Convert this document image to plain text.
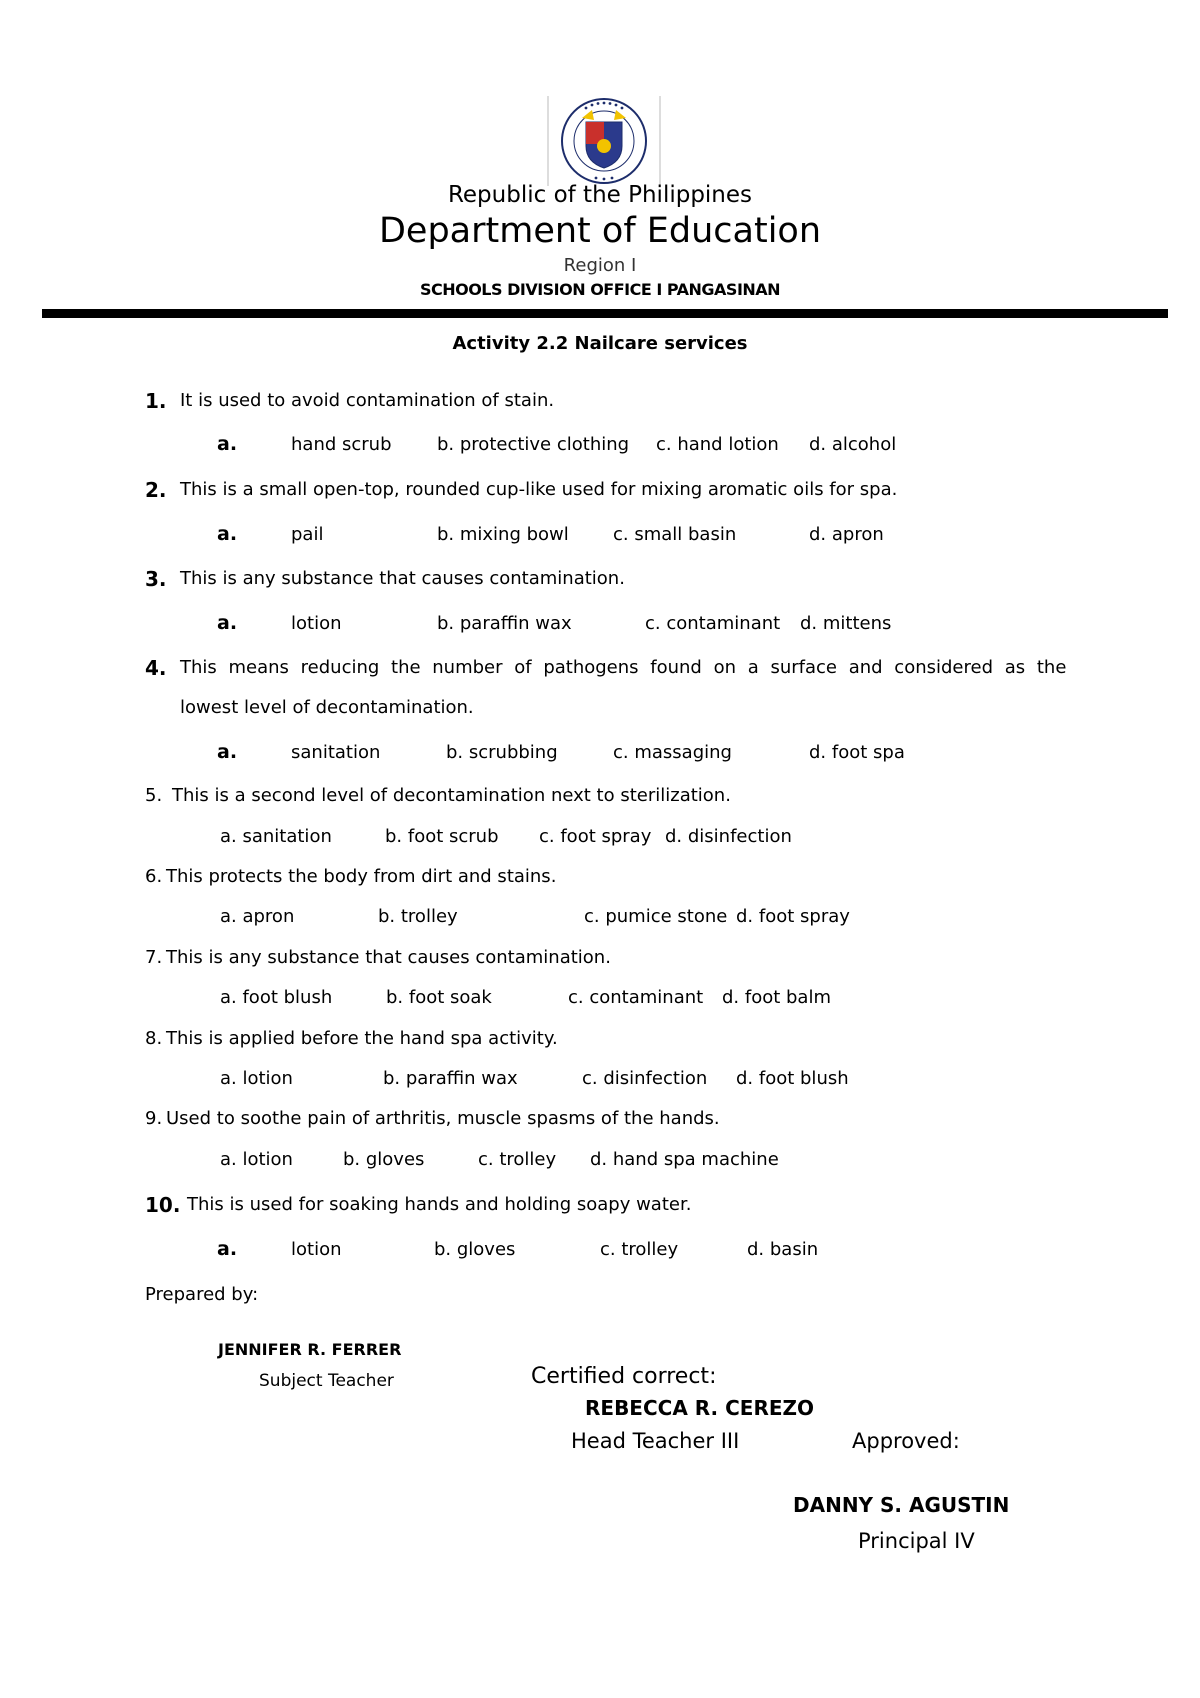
Republic of the Philippines
Department of Education
Region I
SCHOOLS DIVISION OFFICE I PANGASINAN
Activity 2.2 Nailcare services
1. It is used to avoid contamination of stain.
a.	hand scrub	b. protective clothing c. hand lotion d. alcohol
2. This is a small open-top, rounded cup-like used for mixing aromatic oils for spa.
a.	pail	b. mixing bowl c. small basin	d. apron
3. This is any substance that causes contamination.
a.	lotion	b. paraffin wax	c. contaminant d. mittens
4. This means reducing the number of pathogens found on a surface and considered as the
lowest level of decontamination.
a.	sanitation	b. scrubbing	c. massaging	d. foot spa
5. This is a second level of decontamination next to sterilization.
a. sanitation	b. foot scrub c. foot spray d. disinfection
6. This protects the body from dirt and stains.
a. apron	b. trolley	c. pumice stone d. foot spray
7. This is any substance that causes contamination.
a. foot blush	b. foot soak	c. contaminant d. foot balm
8. This is applied before the hand spa activity.
a. lotion	b. paraffin wax	c. disinfection d. foot blush
9. Used to soothe pain of arthritis, muscle spasms of the hands.
a. lotion	b. gloves	c. trolley d. hand spa machine
10. This is used for soaking hands and holding soapy water.
a.	lotion	b. gloves	c. trolley	d. basin
Prepared by:
JENNIFER R. FERRER
Subject Teacher	Certified correct:
REBECCA R. CEREZO
Head Teacher III	Approved:
DANNY S. AGUSTIN
Principal IV
